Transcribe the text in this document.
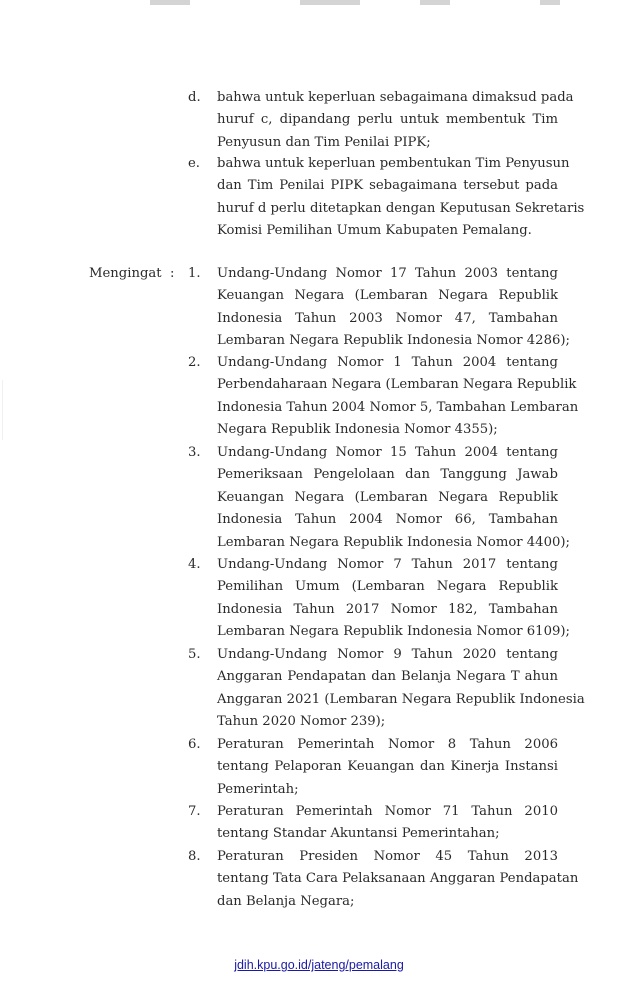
d. bahwa untuk keperluan sebagaimana dimaksud pada
huruf c, dipandang perlu untuk membentuk Tim
Penyusun dan Tim Penilai PIPK;
e. bahwa untuk keperluan pembentukan Tim Penyusun
dan Tim Penilai PIPK sebagaimana tersebut pada
huruf d perlu ditetapkan dengan Keputusan Sekretaris
Komisi Pemilihan Umum Kabupaten Pemalang.
Mengingat : 1. Undang-Undang Nomor 17 Tahun 2003 tentang
Keuangan Negara (Lembaran Negara Republik
Indonesia Tahun 2003 Nomor 47, Tambahan
Lembaran Negara Republik Indonesia Nomor 4286);
2. Undang-Undang Nomor 1 Tahun 2004 tentang
Perbendaharaan Negara (Lembaran Negara Republik
Indonesia Tahun 2004 Nomor 5, Tambahan Lembaran
Negara Republik Indonesia Nomor 4355);
3. Undang-Undang Nomor 15 Tahun 2004 tentang
Pemeriksaan Pengelolaan dan Tanggung Jawab
Keuangan Negara (Lembaran Negara Republik
Indonesia Tahun 2004 Nomor 66, Tambahan
Lembaran Negara Republik Indonesia Nomor 4400);
4. Undang-Undang Nomor 7 Tahun 2017 tentang
Pemilihan Umum (Lembaran Negara Republik
Indonesia Tahun 2017 Nomor 182, Tambahan
Lembaran Negara Republik Indonesia Nomor 6109);
5. Undang-Undang Nomor 9 Tahun 2020 tentang
Anggaran Pendapatan dan Belanja Negara T ahun
Anggaran 2021 (Lembaran Negara Republik Indonesia
Tahun 2020 Nomor 239);
6. Peraturan Pemerintah Nomor 8 Tahun 2006
tentang Pelaporan Keuangan dan Kinerja Instansi
Pemerintah;
7. Peraturan Pemerintah Nomor 71 Tahun 2010
tentang Standar Akuntansi Pemerintahan;
8. Peraturan Presiden Nomor 45 Tahun 2013
tentang Tata Cara Pelaksanaan Anggaran Pendapatan
dan Belanja Negara;
jdih.kpu.go.id/jateng/pemalang
